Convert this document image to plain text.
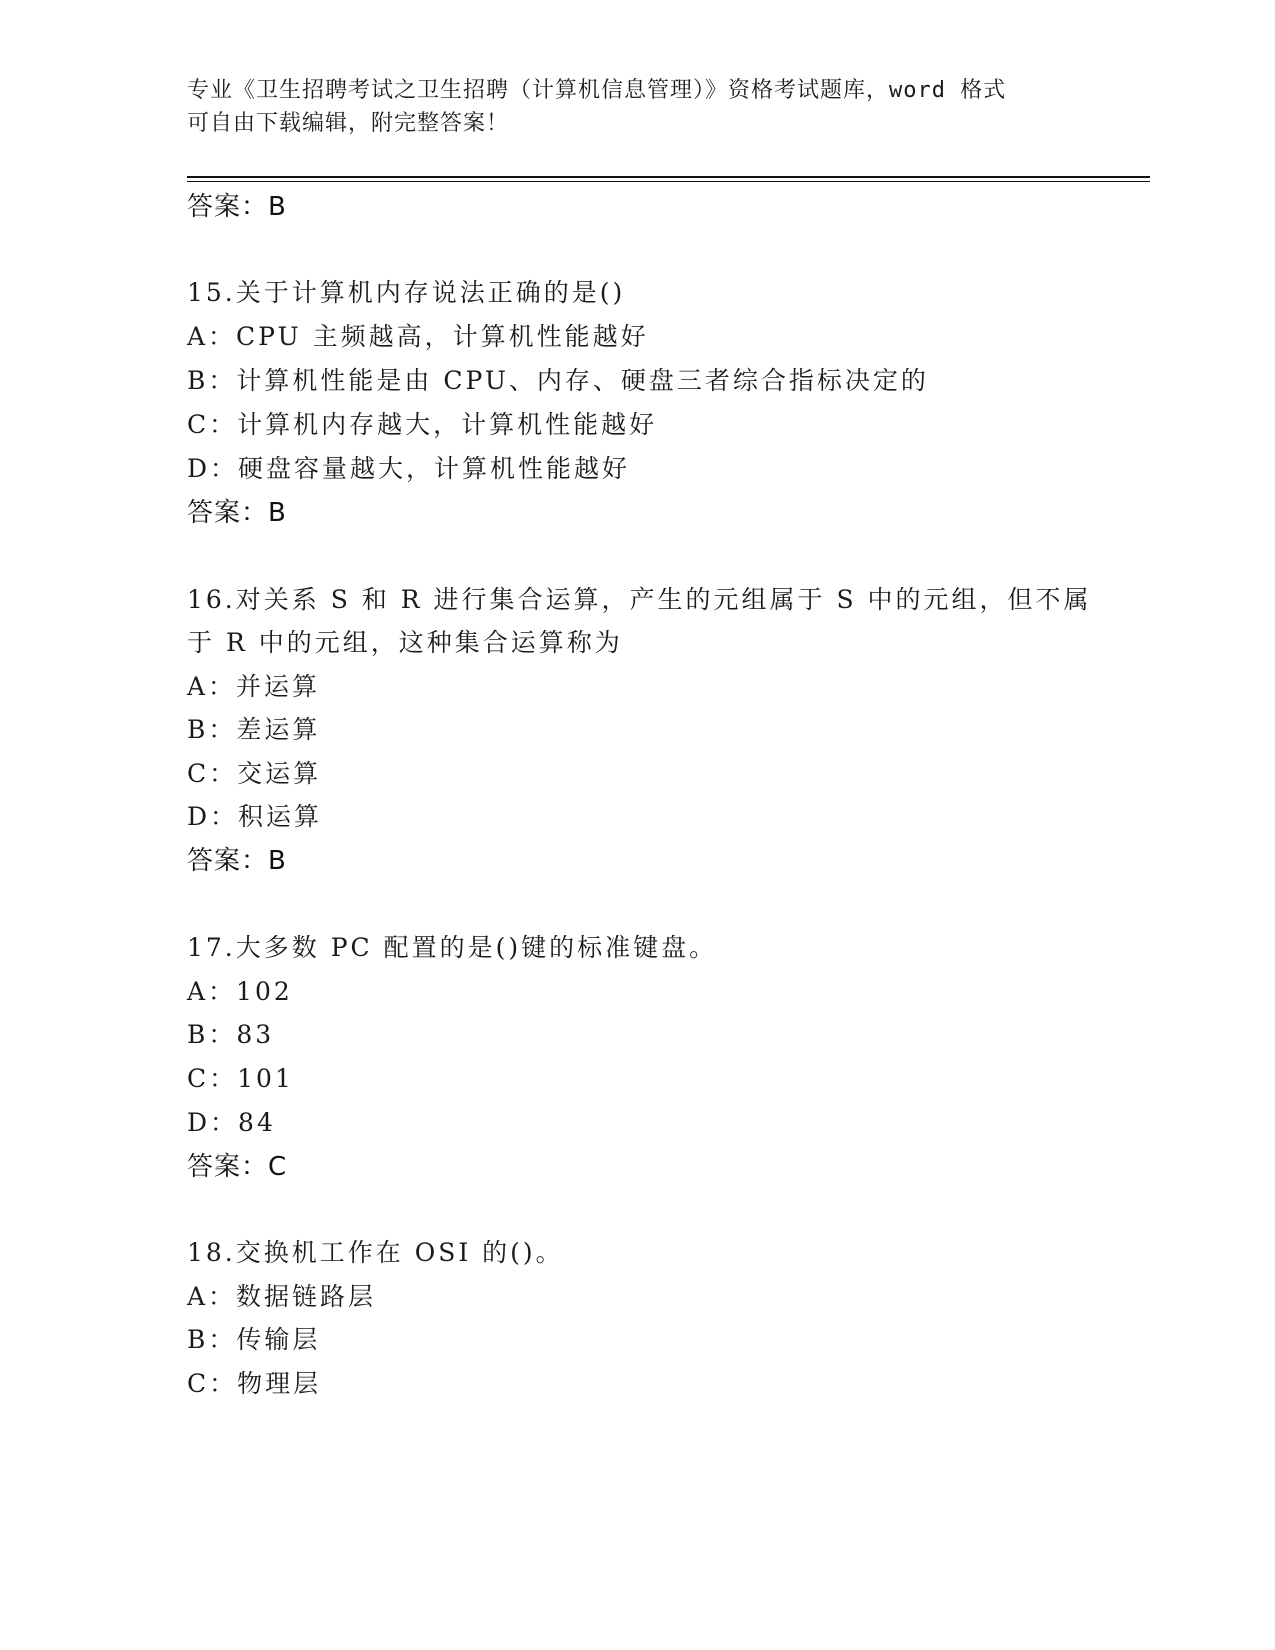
专业《卫生招聘考试之卫生招聘（计算机信息管理）》资格考试题库，word 格式
可自由下载编辑，附完整答案！
答案：B
15.关于计算机内存说法正确的是()
A：CPU 主频越高，计算机性能越好
B：计算机性能是由 CPU、内存、硬盘三者综合指标决定的
C：计算机内存越大，计算机性能越好
D：硬盘容量越大，计算机性能越好
答案：B
16.对关系 S 和 R 进行集合运算，产生的元组属于 S 中的元组，但不属
于 R 中的元组，这种集合运算称为
A：并运算
B：差运算
C：交运算
D：积运算
答案：B
17.大多数 PC 配置的是()键的标准键盘。
A：102
B：83
C：101
D：84
答案：C
18.交换机工作在 OSI 的()。
A：数据链路层
B：传输层
C：物理层
